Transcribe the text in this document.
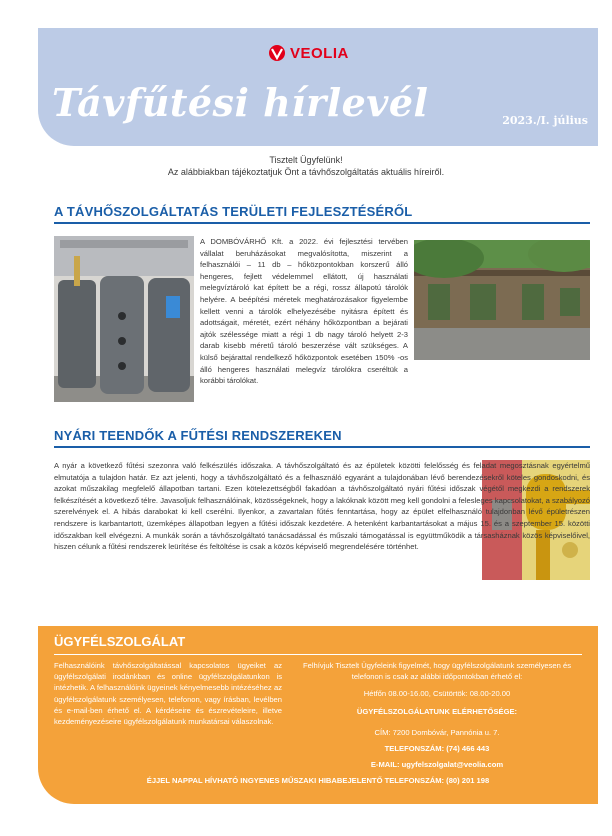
VEOLIA
Távfűtési hírlevél	2023./I. július
Tisztelt Ügyfelünk!
Az alábbiakban tájékoztatjuk Önt a távhőszolgáltatás aktuális híreiről.
A TÁVHŐSZOLGÁLTATÁS TERÜLETI FEJLESZTÉSÉRŐL

A DOMBÓVÁRHŐ Kft. a 2022. évi fejlesztési tervében vállalat beruházásokat megvalósította, miszerint a felhasználói – 11 db – hőközpontokban korszerű álló hengeres, fejlett védelemmel ellátott, új használati melegvíztároló kat épített be a régi, rossz állapotú tárolók helyére. A beépítési méretek meghatározásakor figyelembe kellett venni a tárolók elhelyezésébe nyitásra épített és adottságait, méretét, ezért néhány hőközpontban a bejárati ajtók szélessége miatt a régi 1 db nagy tároló helyett 2-3 darab kisebb méretű tároló beszerzése vált szükséges. A külső bejárattal rendelkező hőközpontok esetében 150% -os álló hengeres használati melegvíz tárolókra cseréltük a korábbi tárolókat.

NYÁRI TEENDŐK A FŰTÉSI RENDSZEREKEN

A nyár a következő fűtési szezonra való felkészülés időszaka. A távhőszolgáltató és az épületek közötti felelősség és feladat megosztásnak egyértelmű elmutatója a tulajdon határ. Ez azt jelenti, hogy a távhőszolgáltató és a felhasználó egyaránt a tulajdonában lévő berendezésekről köteles gondoskodni, és azokat műszakilag megfelelő állapotban tartani. Ezen kötelezettségből fakadóan a távhőszolgáltató nyári fűtési időszak végétől megkezdi a rendszerek felkészítését a következő télre. Javasoljuk felhasználóinak, közösségeknek, hogy a lakóknak között meg kell gondolni a felesleges kapcsolatokat, a szabályozó szerelvények el. A hibás darabokat ki kell cserélni. Ilyenkor, a zavartalan fűtés fenntartása, hogy az épület elfelhasználó tulajdonban lévő épületrészen rendszere is karbantartott, üzemképes állapotban legyen a fűtési időszak kezdetére. A hetenként karbantartásokat a május 15. és a szeptember 15. közötti időszakban kell elvégezni. A munkák során a távhőszolgáltató tanácsadással és műszaki támogatással is együttműködik a társasháznak közös képviselőivel, hiszen célunk a fűtési rendszerek leürítése és feltöltése is csak a közös képviselő megrendelésére történhet.

ÜGYFÉLSZOLGÁLAT

Felhasználóink távhőszolgáltatással kapcsolatos ügyeiket az ügyfélszolgálati irodánkban és online ügyfélszolgálatunkon is intézhetik. A felhasználóink ügyeinek kényelmesebb intézéséhez az ügyfélszolgálatunk személyesen, telefonon, vagy írásban, levélben és e-mail-ben érhető el. A kérdéseire és észrevételeire, illetve kezdeményezéseire ügyfélszolgálatunk munkatársai válaszolnak.

Felhívjuk Tisztelt Ügyfeleink figyelmét, hogy ügyfélszolgálatunk személyesen és telefonon is csak az alábbi időpontokban érhető el:

Hétfőn 08.00-16.00, Csütörtök: 08.00-20.00

ÜGYFÉLSZOLGÁLATUNK ELÉRHETŐSÉGE:

CÍM: 7200 Dombóvár, Pannónia u. 7.

TELEFONSZÁM: (74) 466 443

E-MAIL: ugyfelszolgalat@veolia.com

ÉJJEL NAPPAL HÍVHATÓ INGYENES MŰSZAKI HIBABEJELENTŐ TELEFONSZÁM: (80) 201 198
